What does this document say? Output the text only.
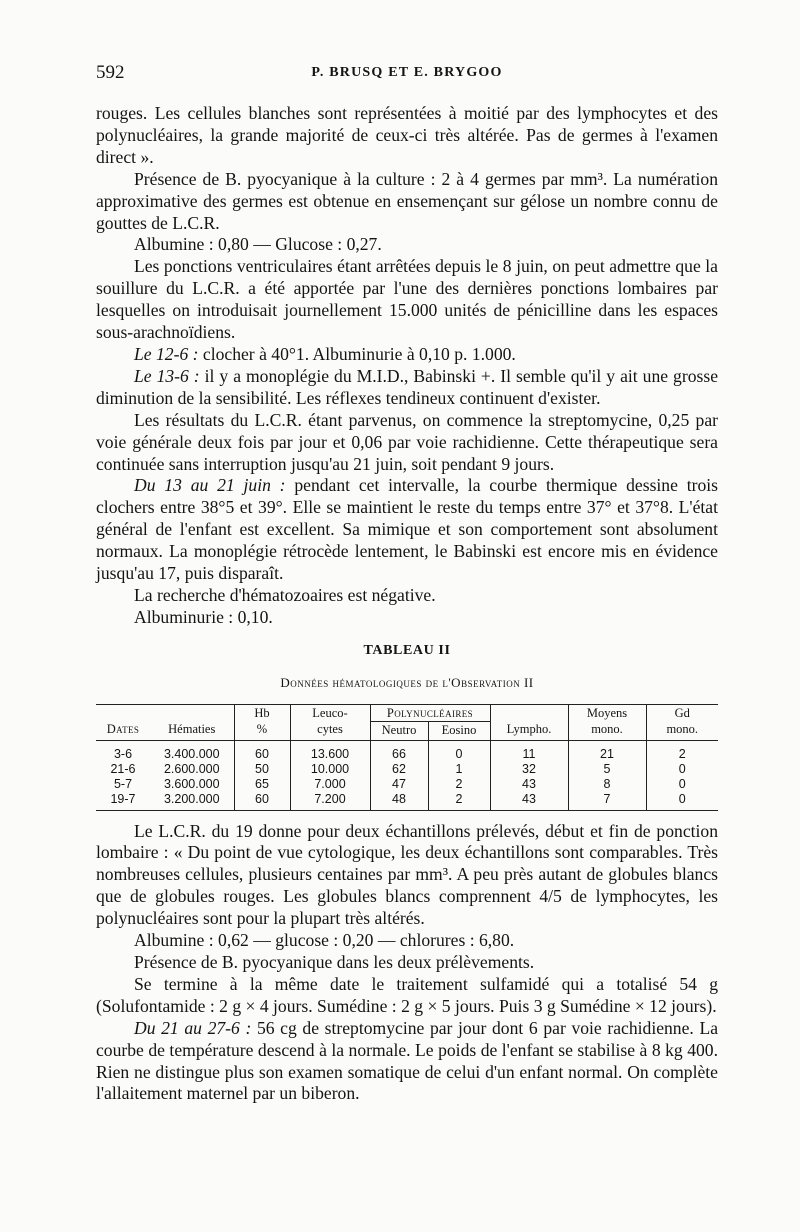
592	P. BRUSQ ET E. BRYGOO

rouges. Les cellules blanches sont représentées à moitié par des lymphocytes et des polynucléaires, la grande majorité de ceux-ci très altérée. Pas de germes à l'examen direct ».

Présence de B. pyocyanique à la culture : 2 à 4 germes par mm³. La numération approximative des germes est obtenue en ensemençant sur gélose un nombre connu de gouttes de L.C.R.

Albumine : 0,80 — Glucose : 0,27.

Les ponctions ventriculaires étant arrêtées depuis le 8 juin, on peut admettre que la souillure du L.C.R. a été apportée par l'une des dernières ponctions lombaires par lesquelles on introduisait journellement 15.000 unités de pénicilline dans les espaces sous-arachnoïdiens.

Le 12-6 : clocher à 40°1. Albuminurie à 0,10 p. 1.000.

Le 13-6 : il y a monoplégie du M.I.D., Babinski +. Il semble qu'il y ait une grosse diminution de la sensibilité. Les réflexes tendineux continuent d'exister.

Les résultats du L.C.R. étant parvenus, on commence la streptomycine, 0,25 par voie générale deux fois par jour et 0,06 par voie rachidienne. Cette thérapeutique sera continuée sans interruption jusqu'au 21 juin, soit pendant 9 jours.

Du 13 au 21 juin : pendant cet intervalle, la courbe thermique dessine trois clochers entre 38°5 et 39°. Elle se maintient le reste du temps entre 37° et 37°8. L'état général de l'enfant est excellent. Sa mimique et son comportement sont absolument normaux. La monoplégie rétrocède lentement, le Babinski est encore mis en évidence jusqu'au 17, puis disparaît.

La recherche d'hématozoaires est négative.

Albuminurie : 0,10.

TABLEAU II
Données hématologiques de l'Observation II
		Hb	Leuco-	Polynucléaires			Moyens	Gd
Dates	Hématies	%	cytes	Neutro	Eosino	Lympho.	mono.	mono.
3-6	3.400.000	60	13.600	66	0	11	21	2
21-6	2.600.000	50	10.000	62	1	32	5	0
5-7	3.600.000	65	7.000	47	2	43	8	0
19-7	3.200.000	60	7.200	48	2	43	7	0

Le L.C.R. du 19 donne pour deux échantillons prélevés, début et fin de ponction lombaire : « Du point de vue cytologique, les deux échantillons sont comparables. Très nombreuses cellules, plusieurs centaines par mm³. A peu près autant de globules blancs que de globules rouges. Les globules blancs comprennent 4/5 de lymphocytes, les polynucléaires sont pour la plupart très altérés.

Albumine : 0,62 — glucose : 0,20 — chlorures : 6,80.

Présence de B. pyocyanique dans les deux prélèvements.

Se termine à la même date le traitement sulfamidé qui a totalisé 54 g (Solufontamide : 2 g × 4 jours. Sumédine : 2 g × 5 jours. Puis 3 g Sumédine × 12 jours).

Du 21 au 27-6 : 56 cg de streptomycine par jour dont 6 par voie rachidienne. La courbe de température descend à la normale. Le poids de l'enfant se stabilise à 8 kg 400. Rien ne distingue plus son examen somatique de celui d'un enfant normal. On complète l'allaitement maternel par un biberon.
